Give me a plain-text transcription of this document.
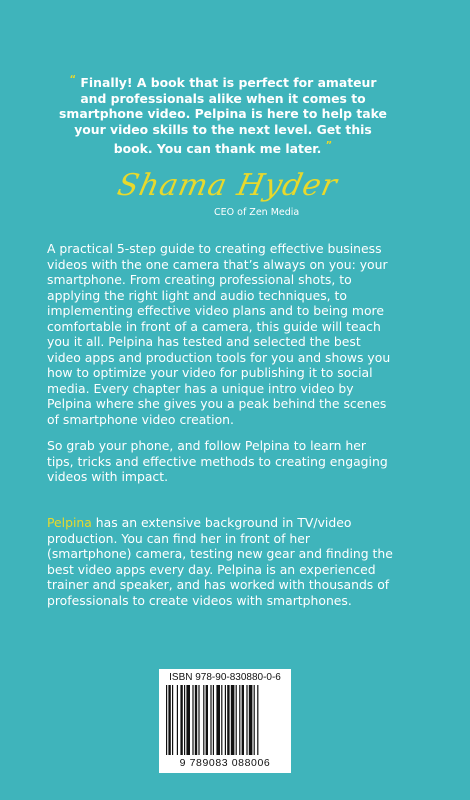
“ Finally! A book that is perfect for amateur and professionals alike when it comes to smartphone video. Pelpina is here to help take your video skills to the next level. Get this book. You can thank me later. ”
Shama Hyder
CEO of Zen Media
A practical 5-step guide to creating effective business videos with the one camera that’s always on you: your smartphone. From creating professional shots, to applying the right light and audio techniques, to implementing effective video plans and to being more comfortable in front of a camera, this guide will teach you it all. Pelpina has tested and selected the best video apps and production tools for you and shows you how to optimize your video for publishing it to social media. Every chapter has a unique intro video by Pelpina where she gives you a peak behind the scenes of smartphone video creation.
So grab your phone, and follow Pelpina to learn her tips, tricks and effective methods to creating engaging videos with impact.
Pelpina has an extensive background in TV/video production. You can find her in front of her (smartphone) camera, testing new gear and finding the best video apps every day. Pelpina is an experienced trainer and speaker, and has worked with thousands of professionals to create videos with smartphones.
ISBN 978-90-830880-0-6
9 789083 088006
